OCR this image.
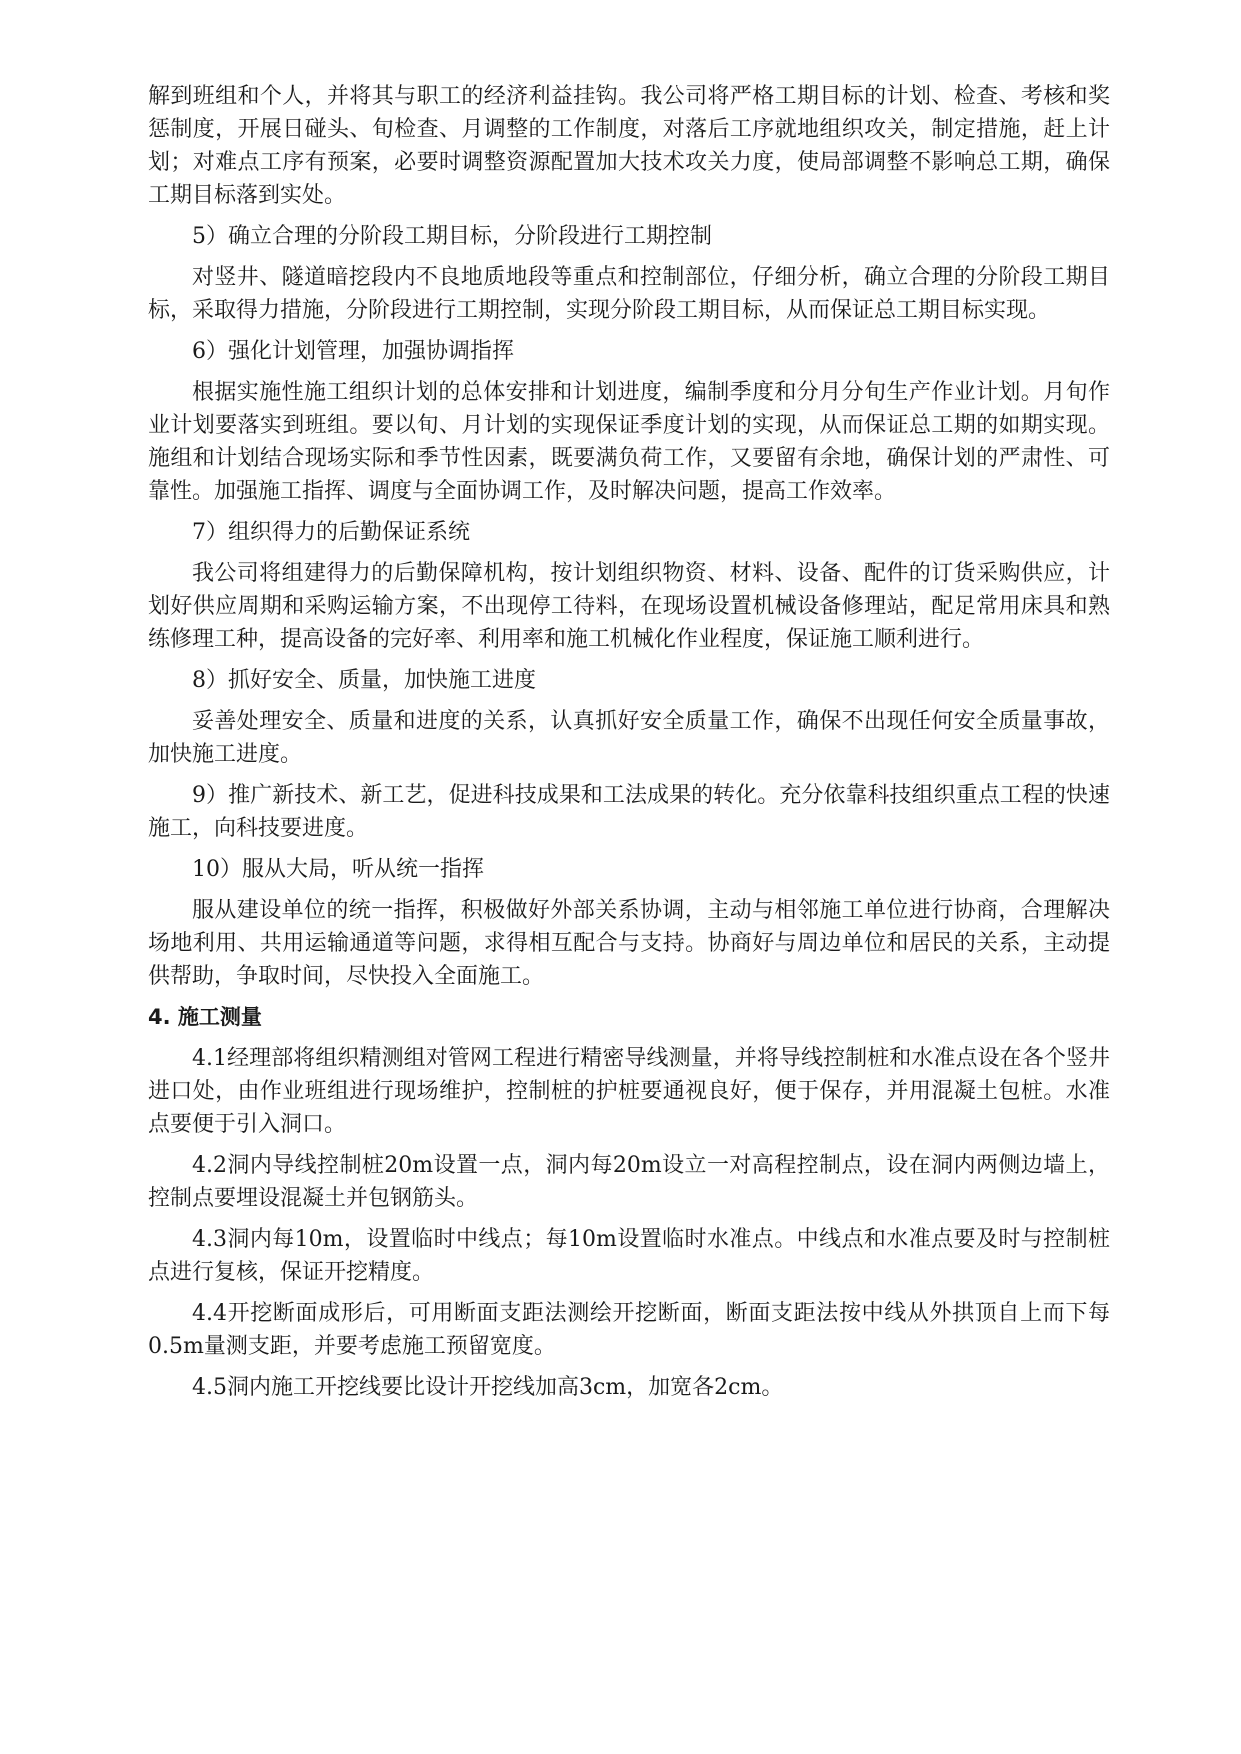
解到班组和个人，并将其与职工的经济利益挂钩。我公司将严格工期目标的计划、检查、考核和奖惩制度，开展日碰头、旬检查、月调整的工作制度，对落后工序就地组织攻关，制定措施，赶上计划；对难点工序有预案，必要时调整资源配置加大技术攻关力度，使局部调整不影响总工期，确保工期目标落到实处。

5）确立合理的分阶段工期目标，分阶段进行工期控制

对竖井、隧道暗挖段内不良地质地段等重点和控制部位，仔细分析，确立合理的分阶段工期目标，采取得力措施，分阶段进行工期控制，实现分阶段工期目标，从而保证总工期目标实现。

6）强化计划管理，加强协调指挥

根据实施性施工组织计划的总体安排和计划进度，编制季度和分月分旬生产作业计划。月旬作业计划要落实到班组。要以旬、月计划的实现保证季度计划的实现，从而保证总工期的如期实现。施组和计划结合现场实际和季节性因素，既要满负荷工作，又要留有余地，确保计划的严肃性、可靠性。加强施工指挥、调度与全面协调工作，及时解决问题，提高工作效率。

7）组织得力的后勤保证系统

我公司将组建得力的后勤保障机构，按计划组织物资、材料、设备、配件的订货采购供应，计划好供应周期和采购运输方案，不出现停工待料，在现场设置机械设备修理站，配足常用床具和熟练修理工种，提高设备的完好率、利用率和施工机械化作业程度，保证施工顺利进行。

8）抓好安全、质量，加快施工进度

妥善处理安全、质量和进度的关系，认真抓好安全质量工作，确保不出现任何安全质量事故，加快施工进度。

9）推广新技术、新工艺，促进科技成果和工法成果的转化。充分依靠科技组织重点工程的快速施工，向科技要进度。

10）服从大局，听从统一指挥

服从建设单位的统一指挥，积极做好外部关系协调，主动与相邻施工单位进行协商，合理解决场地利用、共用运输通道等问题，求得相互配合与支持。协商好与周边单位和居民的关系，主动提供帮助，争取时间，尽快投入全面施工。

4. 施工测量

4.1经理部将组织精测组对管网工程进行精密导线测量，并将导线控制桩和水准点设在各个竖井进口处，由作业班组进行现场维护，控制桩的护桩要通视良好，便于保存，并用混凝土包桩。水准点要便于引入洞口。

4.2洞内导线控制桩20m设置一点，洞内每20m设立一对高程控制点，设在洞内两侧边墙上，控制点要埋设混凝土并包钢筋头。

4.3洞内每10m，设置临时中线点；每10m设置临时水准点。中线点和水准点要及时与控制桩点进行复核，保证开挖精度。

4.4开挖断面成形后，可用断面支距法测绘开挖断面，断面支距法按中线从外拱顶自上而下每0.5m量测支距，并要考虑施工预留宽度。

4.5洞内施工开挖线要比设计开挖线加高3cm，加宽各2cm。
